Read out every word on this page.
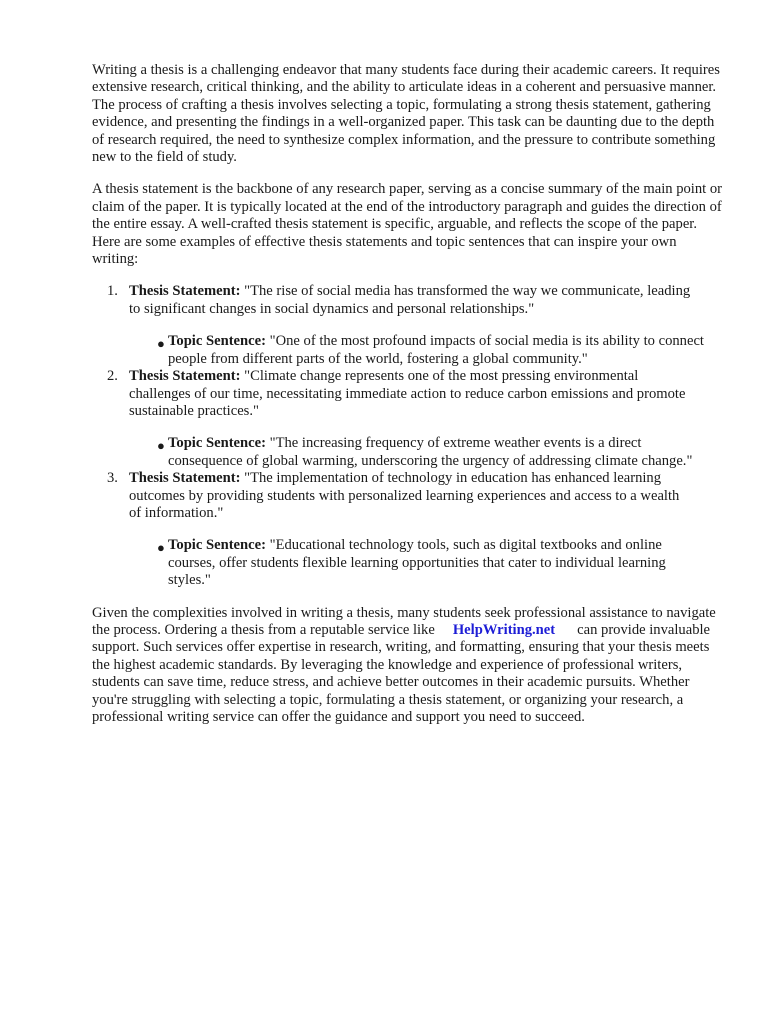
Writing a thesis is a challenging endeavor that many students face during their academic careers. It requires extensive research, critical thinking, and the ability to articulate ideas in a coherent and persuasive manner. The process of crafting a thesis involves selecting a topic, formulating a strong thesis statement, gathering evidence, and presenting the findings in a well-organized paper. This task can be daunting due to the depth of research required, the need to synthesize complex information, and the pressure to contribute something new to the field of study.

A thesis statement is the backbone of any research paper, serving as a concise summary of the main point or claim of the paper. It is typically located at the end of the introductory paragraph and guides the direction of the entire essay. A well-crafted thesis statement is specific, arguable, and reflects the scope of the paper. Here are some examples of effective thesis statements and topic sentences that can inspire your own writing:

1. Thesis Statement: "The rise of social media has transformed the way we communicate, leading to significant changes in social dynamics and personal relationships."

● Topic Sentence: "One of the most profound impacts of social media is its ability to connect people from different parts of the world, fostering a global community."
2. Thesis Statement: "Climate change represents one of the most pressing environmental challenges of our time, necessitating immediate action to reduce carbon emissions and promote sustainable practices."

● Topic Sentence: "The increasing frequency of extreme weather events is a direct consequence of global warming, underscoring the urgency of addressing climate change."
3. Thesis Statement: "The implementation of technology in education has enhanced learning outcomes by providing students with personalized learning experiences and access to a wealth of information."

● Topic Sentence: "Educational technology tools, such as digital textbooks and online courses, offer students flexible learning opportunities that cater to individual learning styles."

Given the complexities involved in writing a thesis, many students seek professional assistance to navigate the process. Ordering a thesis from a reputable service like HelpWriting.net can provide invaluable support. Such services offer expertise in research, writing, and formatting, ensuring that your thesis meets the highest academic standards. By leveraging the knowledge and experience of professional writers, students can save time, reduce stress, and achieve better outcomes in their academic pursuits. Whether you're struggling with selecting a topic, formulating a thesis statement, or organizing your research, a professional writing service can offer the guidance and support you need to succeed.
